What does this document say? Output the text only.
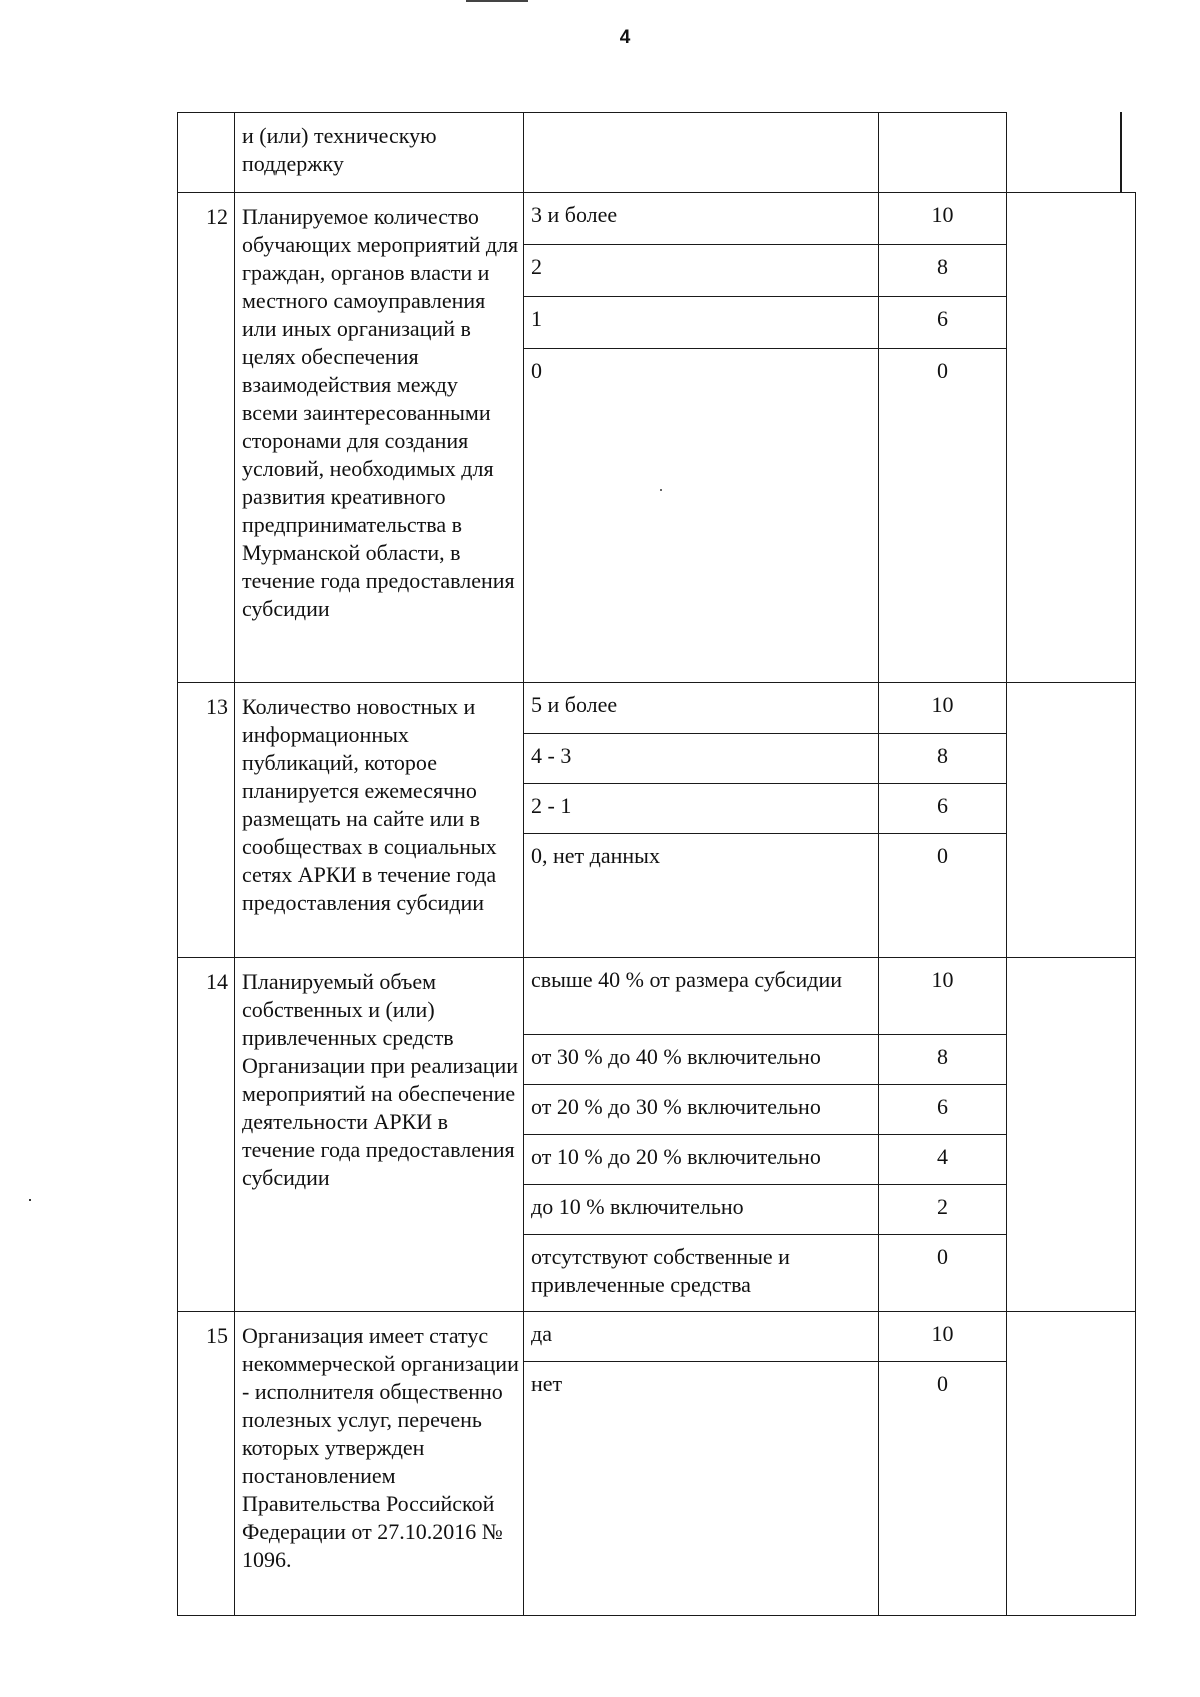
4
	и (или) техническую поддержку			
12	Планируемое количество обучающих мероприятий для граждан, органов власти и местного самоуправления или иных организаций в целях обеспечения взаимодействия между всеми заинтересованными сторонами для создания условий, необходимых для развития креативного предпринимательства в Мурманской области, в течение года предоставления субсидии	3 и более	10	
		2	8	
		1	6	
		0	0	
13	Количество новостных и информационных публикаций, которое планируется ежемесячно размещать на сайте или в сообществах в социальных сетях АРКИ в течение года предоставления субсидии	5 и более	10	
		4 - 3	8	
		2 - 1	6	
		0, нет данных	0	
14	Планируемый объем собственных и (или) привлеченных средств Организации при реализации мероприятий на обеспечение деятельности АРКИ в течение года предоставления субсидии	свыше 40 % от размера субсидии	10	
		от 30 % до 40 % включительно	8	
		от 20 % до 30 % включительно	6	
		от 10 % до 20 % включительно	4	
		до 10 % включительно	2	
		отсутствуют собственные и привлеченные средства	0	
15	Организация имеет статус некоммерческой организации - исполнителя общественно полезных услуг, перечень которых утвержден постановлением Правительства Российской Федерации от 27.10.2016 № 1096.	да	10	
		нет	0	
